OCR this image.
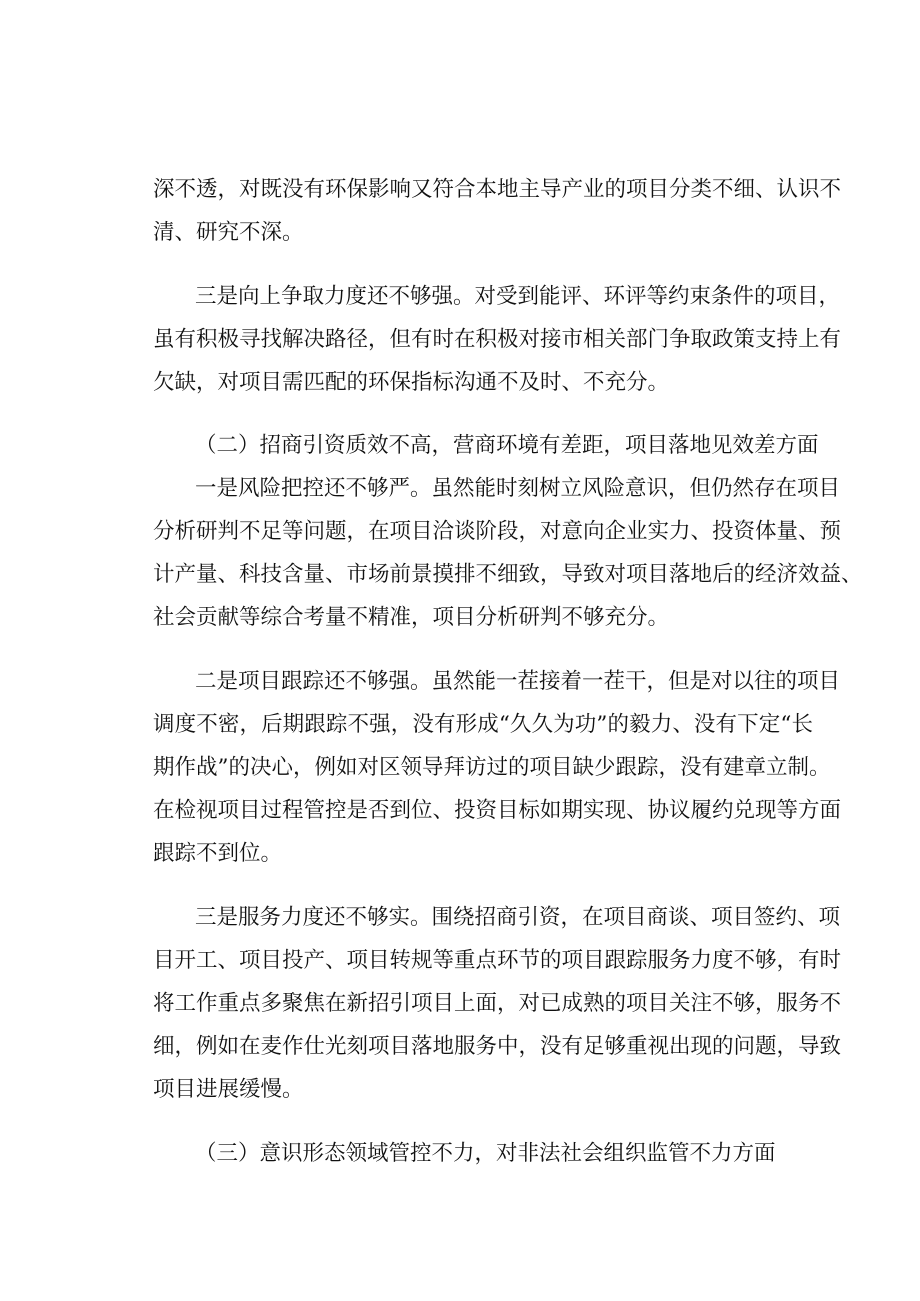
深不透，对既没有环保影响又符合本地主导产业的项目分类不细、认识不
清、研究不深。
三是向上争取力度还不够强。对受到能评、环评等约束条件的项目，
虽有积极寻找解决路径，但有时在积极对接市相关部门争取政策支持上有
欠缺，对项目需匹配的环保指标沟通不及时、不充分。
（二）招商引资质效不高，营商环境有差距，项目落地见效差方面
一是风险把控还不够严。虽然能时刻树立风险意识，但仍然存在项目
分析研判不足等问题，在项目洽谈阶段，对意向企业实力、投资体量、预
计产量、科技含量、市场前景摸排不细致，导致对项目落地后的经济效益、
社会贡献等综合考量不精准，项目分析研判不够充分。
二是项目跟踪还不够强。虽然能一茬接着一茬干，但是对以往的项目
调度不密，后期跟踪不强，没有形成“久久为功”的毅力、没有下定“长
期作战”的决心，例如对区领导拜访过的项目缺少跟踪，没有建章立制。
在检视项目过程管控是否到位、投资目标如期实现、协议履约兑现等方面
跟踪不到位。
三是服务力度还不够实。围绕招商引资，在项目商谈、项目签约、项
目开工、项目投产、项目转规等重点环节的项目跟踪服务力度不够，有时
将工作重点多聚焦在新招引项目上面，对已成熟的项目关注不够，服务不
细，例如在麦作仕光刻项目落地服务中，没有足够重视出现的问题，导致
项目进展缓慢。
（三）意识形态领域管控不力，对非法社会组织监管不力方面
